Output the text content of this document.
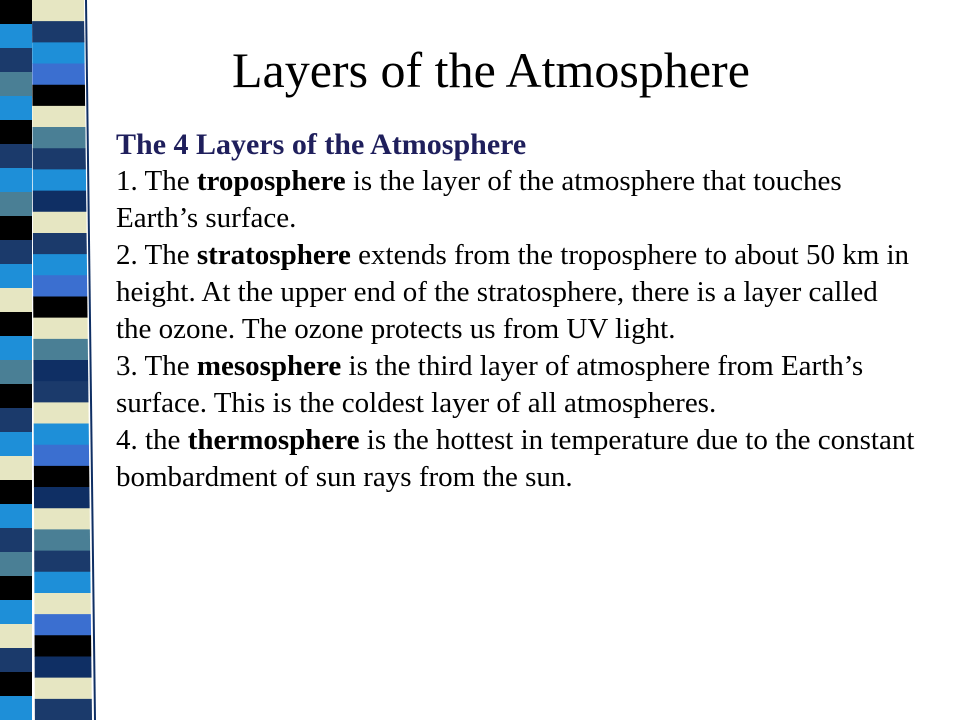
Layers of the Atmosphere

The 4 Layers of the Atmosphere

1. The troposphere is the layer of the atmosphere that touches Earth’s surface.

2. The stratosphere extends from the troposphere to about 50 km in height. At the upper end of the stratosphere, there is a layer called the ozone. The ozone protects us from UV light.

3. The mesosphere is the third layer of atmosphere from Earth’s surface. This is the coldest layer of all atmospheres.

4. the thermosphere is the hottest in temperature due to the constant bombardment of sun rays from the sun.
